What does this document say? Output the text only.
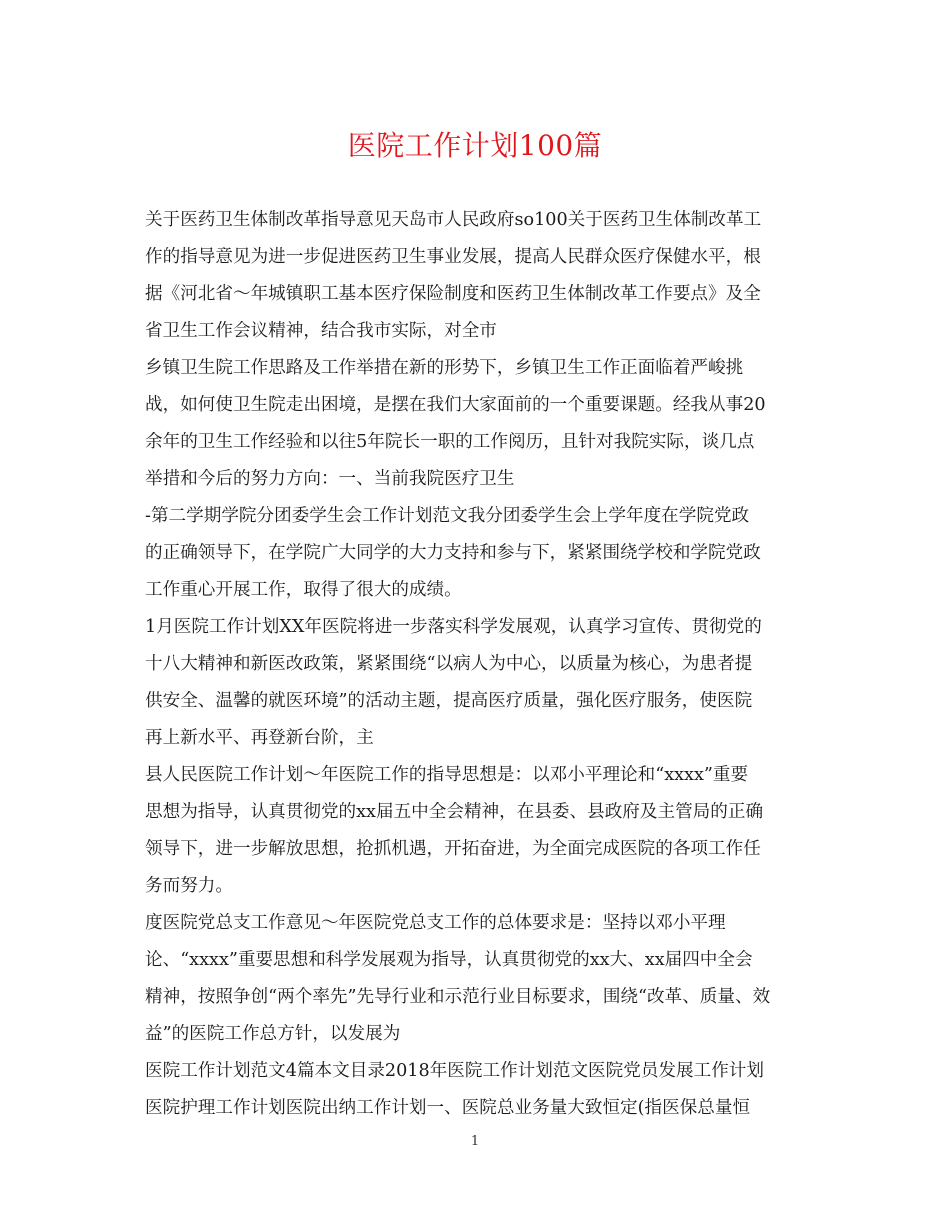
医院工作计划100篇

关于医药卫生体制改革指导意见天岛市人民政府so100关于医药卫生体制改革工
作的指导意见为进一步促进医药卫生事业发展，提高人民群众医疗保健水平，根
据《河北省～年城镇职工基本医疗保险制度和医药卫生体制改革工作要点》及全
省卫生工作会议精神，结合我市实际，对全市

乡镇卫生院工作思路及工作举措在新的形势下，乡镇卫生工作正面临着严峻挑
战，如何使卫生院走出困境，是摆在我们大家面前的一个重要课题。经我从事20
余年的卫生工作经验和以往5年院长一职的工作阅历，且针对我院实际，谈几点
举措和今后的努力方向：一、当前我院医疗卫生

-第二学期学院分团委学生会工作计划范文我分团委学生会上学年度在学院党政
的正确领导下，在学院广大同学的大力支持和参与下，紧紧围绕学校和学院党政
工作重心开展工作，取得了很大的成绩。

1月医院工作计划XX年医院将进一步落实科学发展观，认真学习宣传、贯彻党的
十八大精神和新医改政策，紧紧围绕“以病人为中心，以质量为核心，为患者提
供安全、温馨的就医环境”的活动主题，提高医疗质量，强化医疗服务，使医院
再上新水平、再登新台阶，主

县人民医院工作计划～年医院工作的指导思想是：以邓小平理论和“xxxx”重要
思想为指导，认真贯彻党的xx届五中全会精神，在县委、县政府及主管局的正确
领导下，进一步解放思想，抢抓机遇，开拓奋进，为全面完成医院的各项工作任
务而努力。

度医院党总支工作意见～年医院党总支工作的总体要求是：坚持以邓小平理
论、“xxxx”重要思想和科学发展观为指导，认真贯彻党的xx大、xx届四中全会
精神，按照争创“两个率先”先导行业和示范行业目标要求，围绕“改革、质量、效
益”的医院工作总方针，以发展为

医院工作计划范文4篇本文目录2018年医院工作计划范文医院党员发展工作计划
医院护理工作计划医院出纳工作计划一、医院总业务量大致恒定(指医保总量恒

1
